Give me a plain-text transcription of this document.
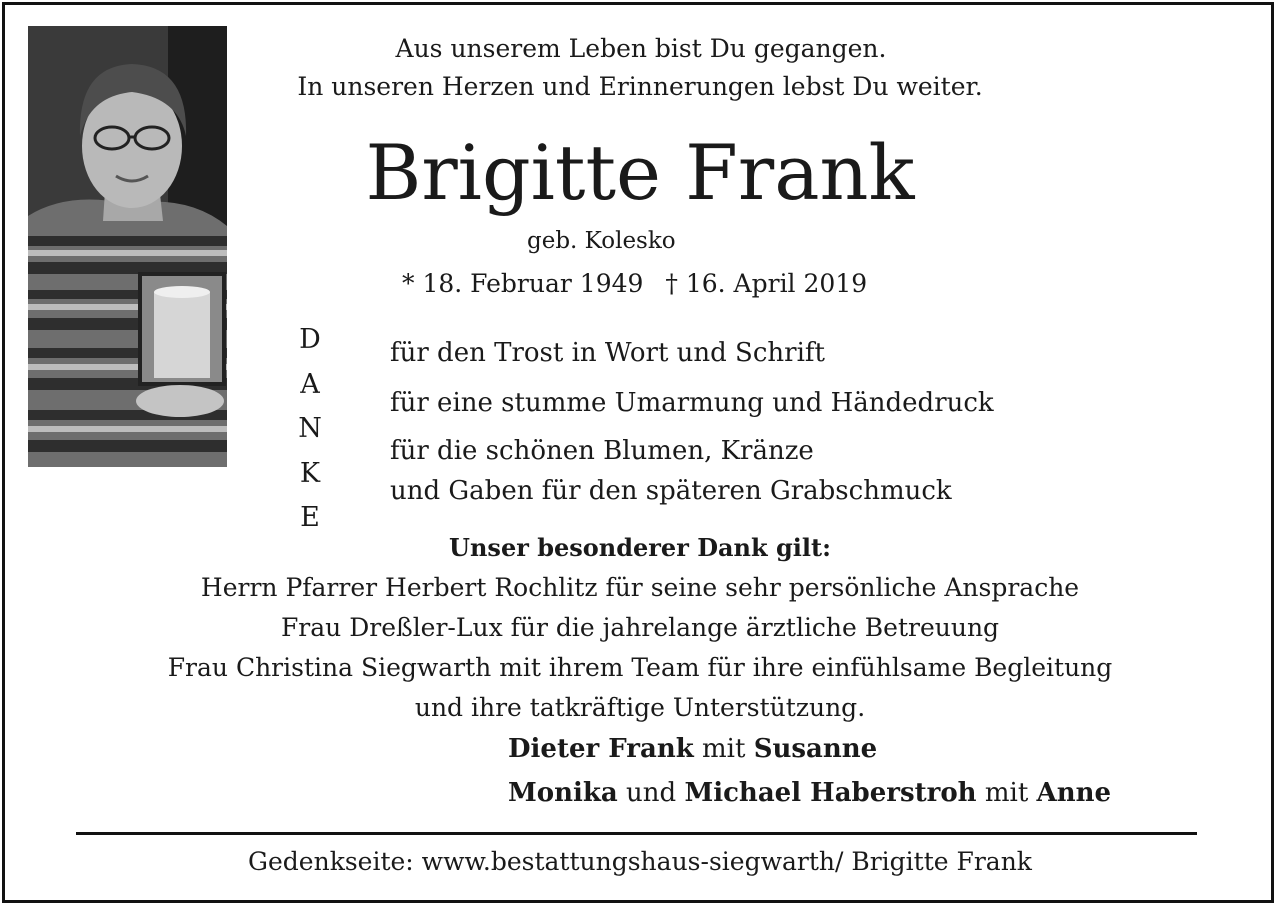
Aus unserem Leben bist Du gegangen.
In unseren Herzen und Erinnerungen lebst Du weiter.
Brigitte Frank
geb. Kolesko
* 18. Februar 1949 † 16. April 2019
D
A
N
K
E
für den Trost in Wort und Schrift
für eine stumme Umarmung und Händedruck
für die schönen Blumen, Kränze
und Gaben für den späteren Grabschmuck
Unser besonderer Dank gilt:
Herrn Pfarrer Herbert Rochlitz für seine sehr persönliche Ansprache
Frau Dreßler-Lux für die jahrelange ärztliche Betreuung
Frau Christina Siegwarth mit ihrem Team für ihre einfühlsame Begleitung
und ihre tatkräftige Unterstützung.
Dieter Frank mit Susanne
Monika und Michael Haberstroh mit Anne
Gedenkseite: www.bestattungshaus-siegwarth/ Brigitte Frank
